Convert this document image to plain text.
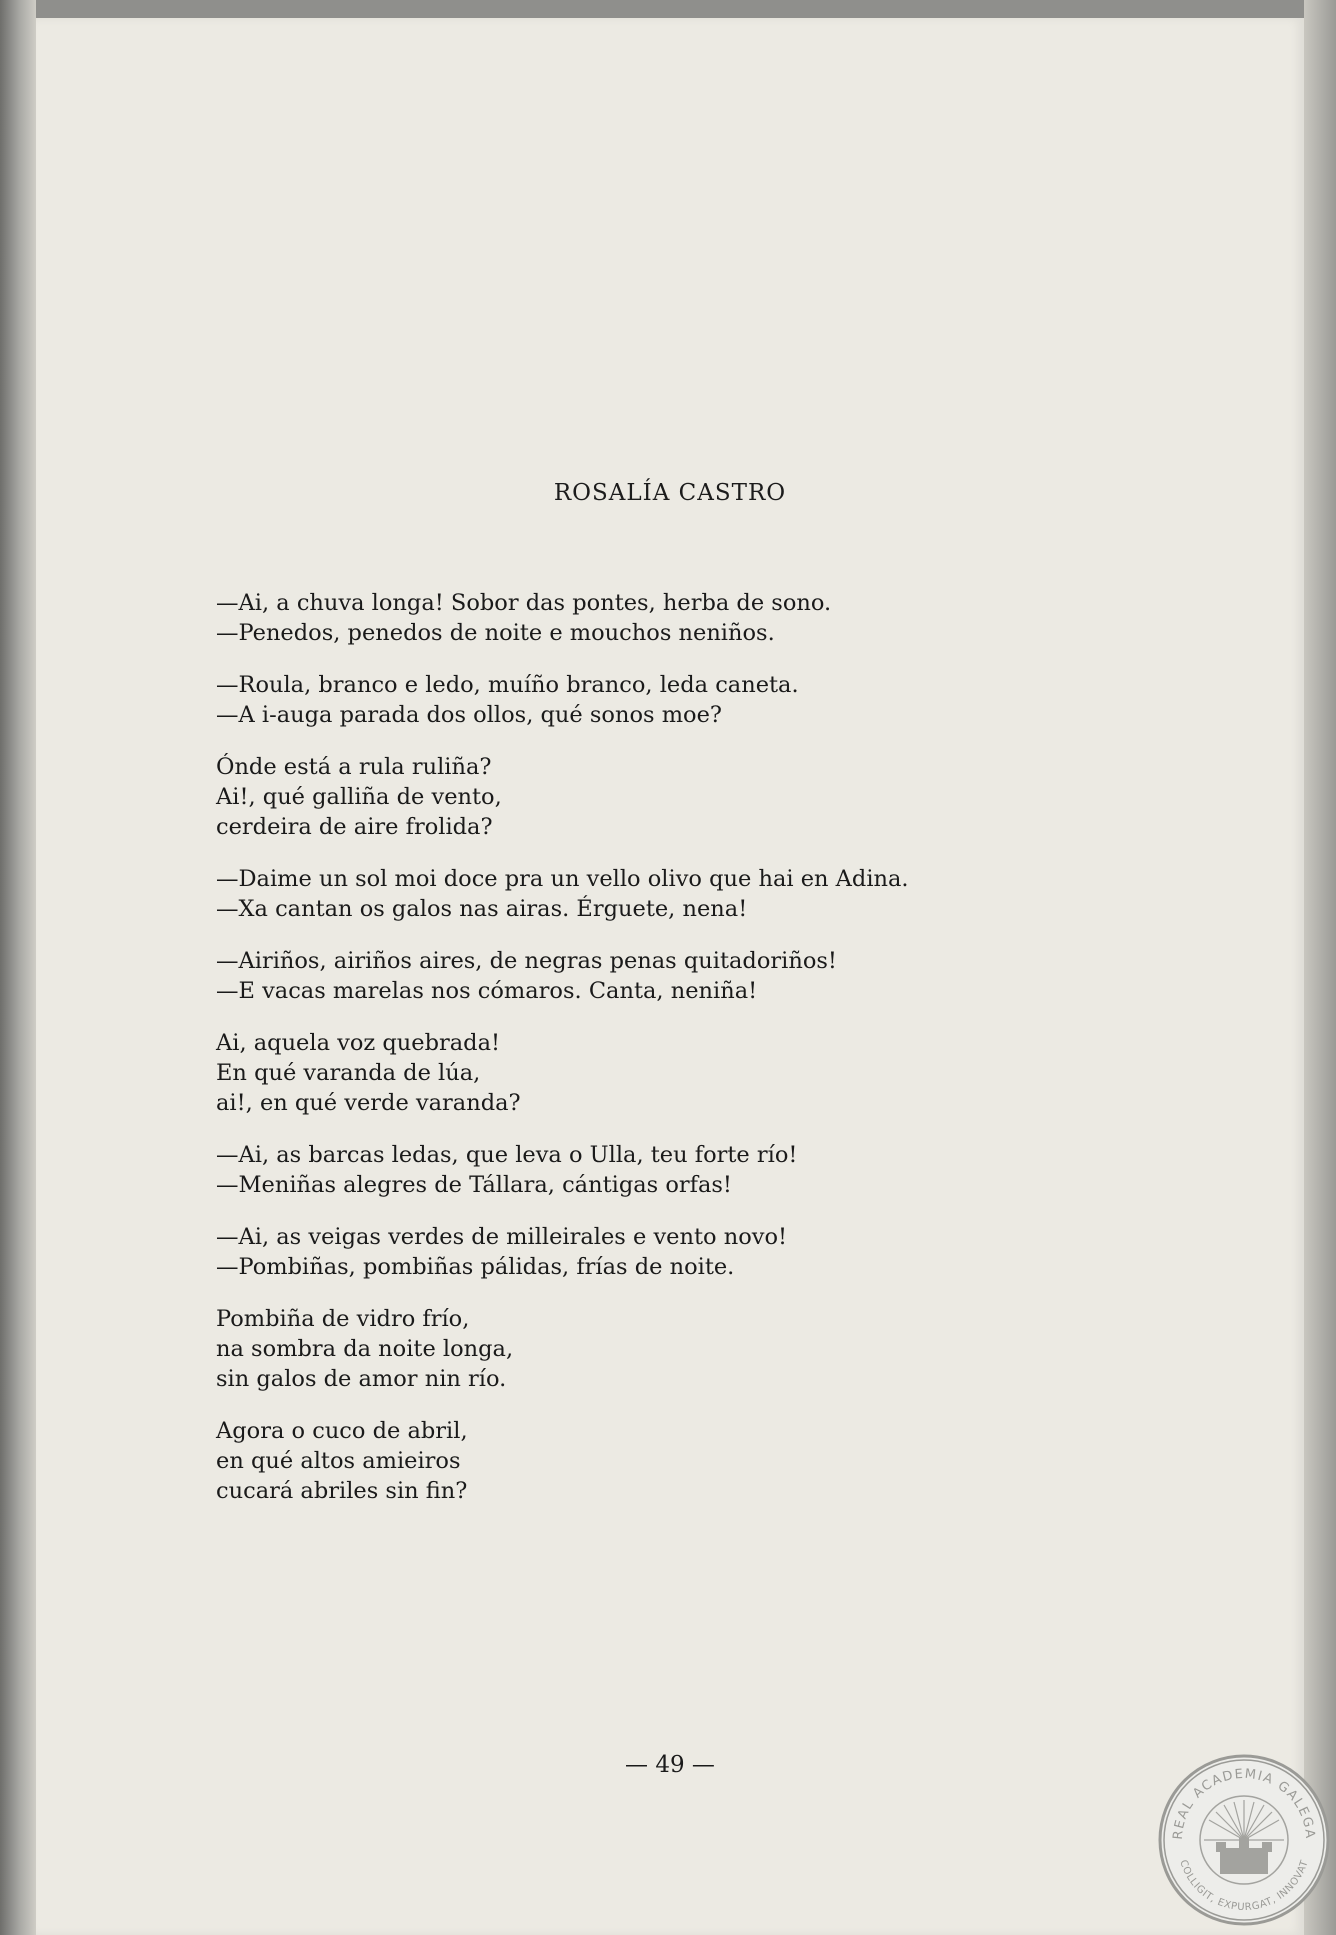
ROSALÍA CASTRO
—Ai, a chuva longa! Sobor das pontes, herba de sono.
—Penedos, penedos de noite e mouchos neniños.
—Roula, branco e ledo, muíño branco, leda caneta.
—A i-auga parada dos ollos, qué sonos moe?
Ónde está a rula ruliña?
Ai!, qué galliña de vento,
cerdeira de aire frolida?
—Daime un sol moi doce pra un vello olivo que hai en Adina.
—Xa cantan os galos nas airas. Érguete, nena!
—Airiños, airiños aires, de negras penas quitadoriños!
—E vacas marelas nos cómaros. Canta, neniña!
Ai, aquela voz quebrada!
En qué varanda de lúa,
ai!, en qué verde varanda?
—Ai, as barcas ledas, que leva o Ulla, teu forte río!
—Meniñas alegres de Tállara, cántigas orfas!
—Ai, as veigas verdes de milleirales e vento novo!
—Pombiñas, pombiñas pálidas, frías de noite.
Pombiña de vidro frío,
na sombra da noite longa,
sin galos de amor nin río.
Agora o cuco de abril,
en qué altos amieiros
cucará abriles sin fin?
— 49 —
REAL ACADEMIA GALEGA
COLLIGIT, EXPURGAT, INNOVAT
